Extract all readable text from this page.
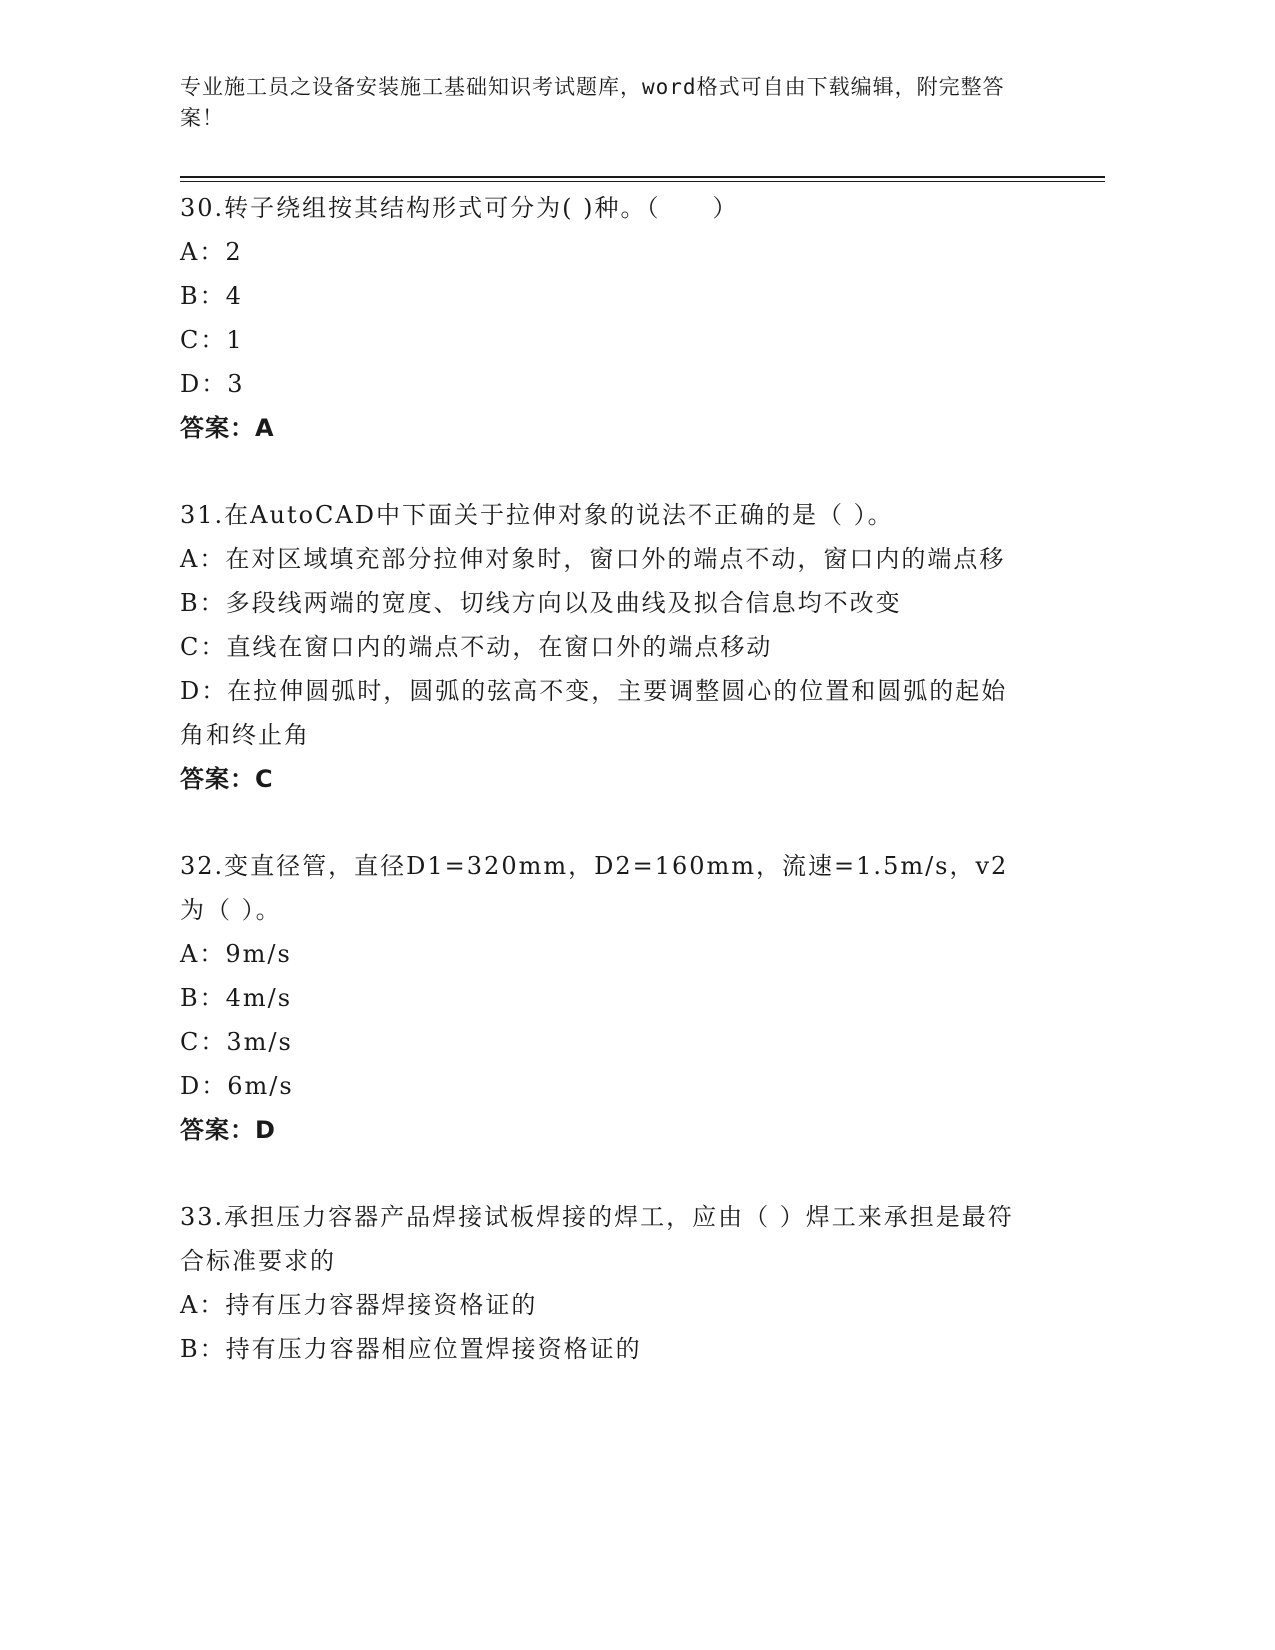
专业施工员之设备安装施工基础知识考试题库，word格式可自由下载编辑，附完整答案！

30.转子绕组按其结构形式可分为( )种。（　　）

A：2

B：4

C：1

D：3

答案：A

31.在AutoCAD中下面关于拉伸对象的说法不正确的是（ ）。

A：在对区域填充部分拉伸对象时，窗口外的端点不动，窗口内的端点移

B：多段线两端的宽度、切线方向以及曲线及拟合信息均不改变

C：直线在窗口内的端点不动，在窗口外的端点移动

D：在拉伸圆弧时，圆弧的弦高不变，主要调整圆心的位置和圆弧的起始角和终止角

答案：C

32.变直径管，直径D1=320mm，D2=160mm，流速=1.5m/s，v2为（ ）。

A：9m/s

B：4m/s

C：3m/s

D：6m/s

答案：D

33.承担压力容器产品焊接试板焊接的焊工，应由（ ）焊工来承担是最符合标准要求的

A：持有压力容器焊接资格证的

B：持有压力容器相应位置焊接资格证的
